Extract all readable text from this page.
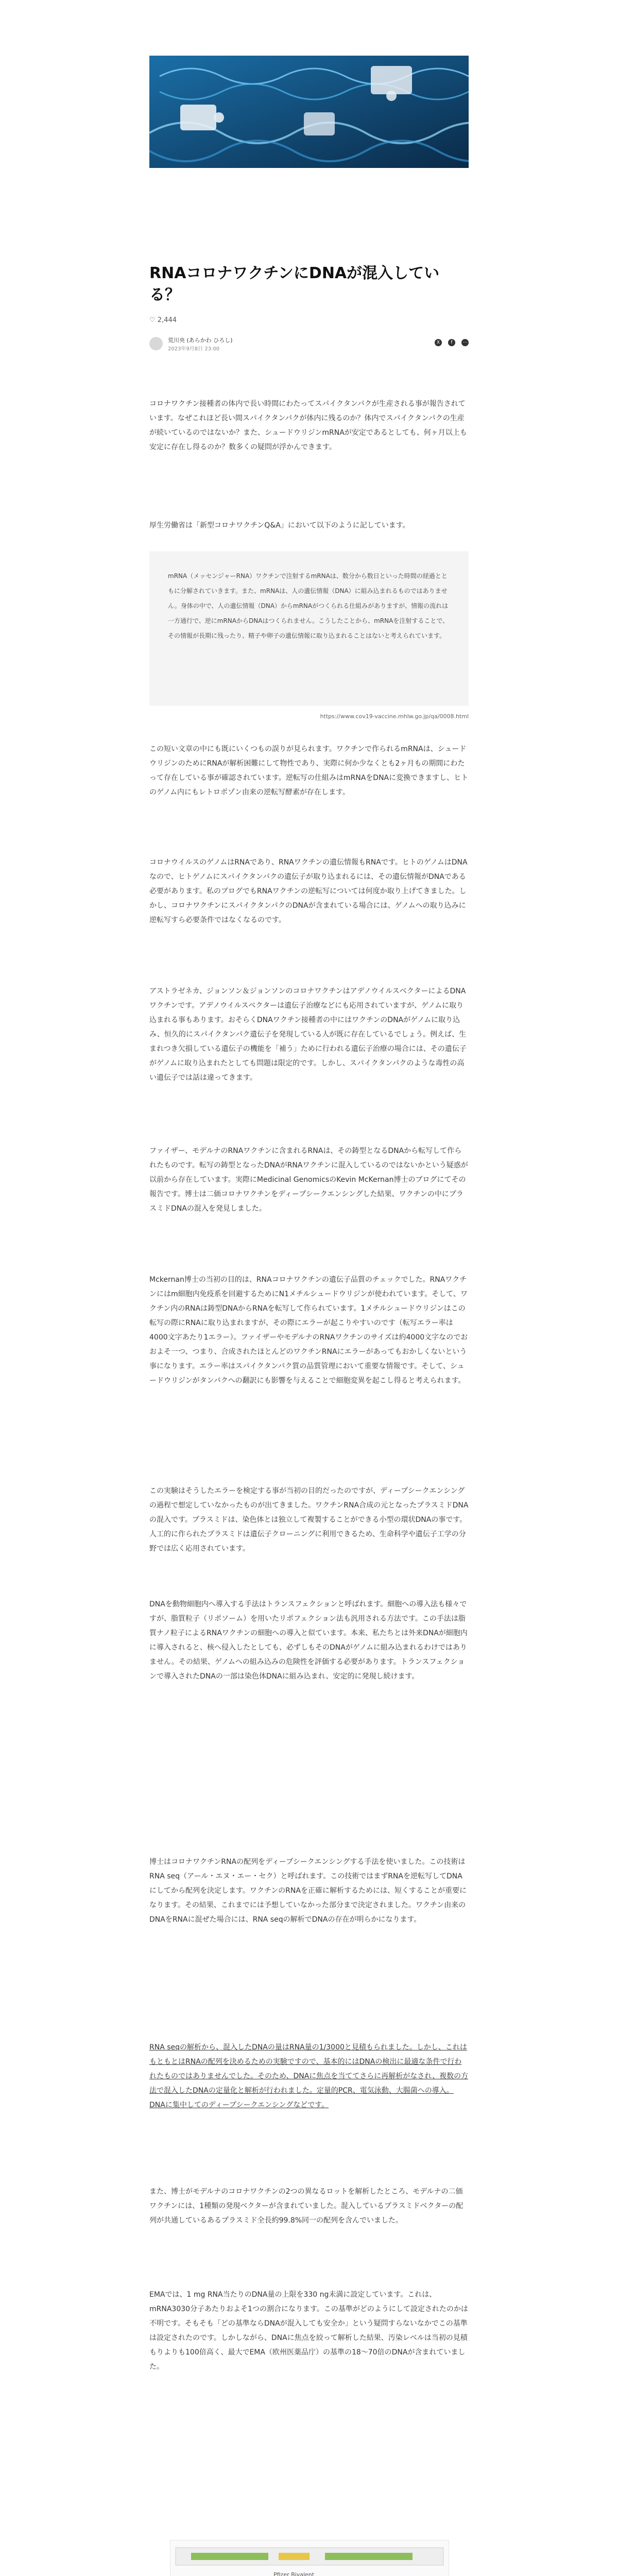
RNAコロナワクチンにDNAが混入している？
♡ 2,444
荒川央 (あらかわ ひろし)
2023年9月8日 23:00
X	f	⋯

コロナワクチン接種者の体内で長い時間にわたってスパイクタンパクが生産される事が報告されています。なぜこれほど長い間スパイクタンパクが体内に残るのか？体内でスパイクタンパクの生産が続いているのではないか？また、シュードウリジンmRNAが安定であるとしても、何ヶ月以上も安定に存在し得るのか？数多くの疑問が浮かんできます。

厚生労働省は「新型コロナワクチンQ&A」において以下のように記しています。

mRNA（メッセンジャーRNA）ワクチンで注射するmRNAは、数分から数日といった時間の経過とともに分解されていきます。また、mRNAは、人の遺伝情報（DNA）に組み込まれるものではありません。身体の中で、人の遺伝情報（DNA）からmRNAがつくられる仕組みがありますが、情報の流れは一方通行で、逆にmRNAからDNAはつくられません。こうしたことから、mRNAを注射することで、その情報が長期に残ったり、精子や卵子の遺伝情報に取り込まれることはないと考えられています。

https://www.cov19-vaccine.mhlw.go.jp/qa/0008.html

この短い文章の中にも既にいくつもの誤りが見られます。ワクチンで作られるmRNAは、シュードウリジンのためにRNAが解析困難にして物性であり、実際に何か少なくとも2ヶ月もの期間にわたって存在している事が確認されています。逆転写の仕組みはmRNAをDNAに変換できますし、ヒトのゲノム内にもレトロポゾン由来の逆転写酵素が存在します。

コロナウイルスのゲノムはRNAであり、RNAワクチンの遺伝情報もRNAです。ヒトのゲノムはDNAなので、ヒトゲノムにスパイクタンパクの遺伝子が取り込まれるには、その遺伝情報がDNAである必要があります。私のブログでもRNAワクチンの逆転写については何度か取り上げてきました。しかし、コロナワクチンにスパイクタンパクのDNAが含まれている場合には、ゲノムへの取り込みに逆転写すら必要条件ではなくなるのです。

アストラゼネカ、ジョンソン＆ジョンソンのコロナワクチンはアデノウイルスベクターによるDNAワクチンです。アデノウイルスベクターは遺伝子治療などにも応用されていますが、ゲノムに取り込まれる事もあります。おそらくDNAワクチン接種者の中にはワクチンのDNAがゲノムに取り込み、恒久的にスパイクタンパク遺伝子を発現している人が既に存在しているでしょう。例えば、生まれつき欠損している遺伝子の機能を「補う」ために行われる遺伝子治療の場合には、その遺伝子がゲノムに取り込まれたとしても問題は限定的です。しかし、スパイクタンパクのような毒性の高い遺伝子では話は違ってきます。

ファイザー、モデルナのRNAワクチンに含まれるRNAは、その鋳型となるDNAから転写して作られたものです。転写の鋳型となったDNAがRNAワクチンに混入しているのではないかという疑惑が以前から存在しています。実際にMedicinal GenomicsのKevin McKernan博士のブログにてその報告です。博士は二価コロナワクチンをディープシークエンシングした結果、ワクチンの中にプラスミドDNAの混入を発見しました。

Mckernan博士の当初の目的は、RNAコロナワクチンの遺伝子品質のチェックでした。RNAワクチンにはm細胞内免疫系を回避するためにN1メチルシュードウリジンが使われています。そして、ワクチン内のRNAは鋳型DNAからRNAを転写して作られています。1メチルシュードウリジンはこの転写の際にRNAに取り込まれますが、その際にエラーが起こりやすいのです（転写エラー率は4000文字あたり1エラー）。ファイザーやモデルナのRNAワクチンのサイズは約4000文字なのでおおよそ一つ、つまり、合成されたほとんどのワクチンRNAにエラーがあってもおかしくないという事になります。エラー率はスパイクタンパク質の品質管理において重要な情報です。そして、シュードウリジンがタンパクへの翻訳にも影響を与えることで細胞変異を起こし得ると考えられます。

この実験はそうしたエラーを検定する事が当初の目的だったのですが、ディープシークエンシングの過程で想定していなかったものが出てきました。ワクチンRNA合成の元となったプラスミドDNAの混入です。プラスミドは、染色体とは独立して複製することができる小型の環状DNAの事です。人工的に作られたプラスミドは遺伝子クローニングに利用できるため、生命科学や遺伝子工学の分野では広く応用されています。

DNAを動物細胞内へ導入する手法はトランスフェクションと呼ばれます。細胞への導入法も様々ですが、脂質粒子（リポソーム）を用いたリポフェクション法も汎用される方法です。この手法は脂質ナノ粒子によるRNAワクチンの細胞への導入と似ています。本来、私たちとは外来DNAが細胞内に導入されると、核へ侵入したとしても、必ずしもそのDNAがゲノムに組み込まれるわけではありません。その結果、ゲノムへの組み込みの危険性を評価する必要があります。トランスフェクションで導入されたDNAの一部は染色体DNAに組み込まれ、安定的に発現し続けます。

博士はコロナワクチンRNAの配列をディープシークエンシングする手法を使いました。この技術はRNA seq（アール・エヌ・エー・セク）と呼ばれます。この技術ではまずRNAを逆転写してDNAにしてから配列を決定します。ワクチンのRNAを正確に解析するためには、短くすることが重要になります。その結果、これまでには予想していなかった部分まで決定されました。ワクチン由来のDNAをRNAに混ぜた場合には、RNA seqの解析でDNAの存在が明らかになります。

RNA seqの解析から、混入したDNAの量はRNA量の1/3000と見積もられました。しかし、これはもともとはRNAの配列を決めるための実験ですので、基本的にはDNAの検出に最適な条件で行われたものではありませんでした。そのため、DNAに焦点を当ててさらに再解析がなされ、複数の方法で混入したDNAの定量化と解析が行われました。定量的PCR、電気泳動、大腸菌への導入。DNAに集中してのディープシークエンシングなどです。

また、博士がモデルナのコロナワクチンの2つの異なるロットを解析したところ、モデルナの二価ワクチンには、1種類の発現ベクターが含まれていました。混入しているプラスミドベクターの配列が共通しているあるプラスミド全長約99.8%同一の配列を含んでいました。

EMAでは、1 mg RNA当たりのDNA量の上限を330 ng未満に設定しています。これは、mRNA3030分子あたりおよそ1つの割合になります。この基準がどのようにして設定されたのかは不明です。そもそも「どの基準ならDNAが混入しても安全か」という疑問すらないなかでこの基準は設定されたのです。しかしながら、DNAに焦点を絞って解析した結果、汚染レベルは当初の見積もりよりも100倍高く、最大でEMA（欧州医薬品庁）の基準の18〜70倍のDNAが含まれていました。

Pfizer Bivalent
